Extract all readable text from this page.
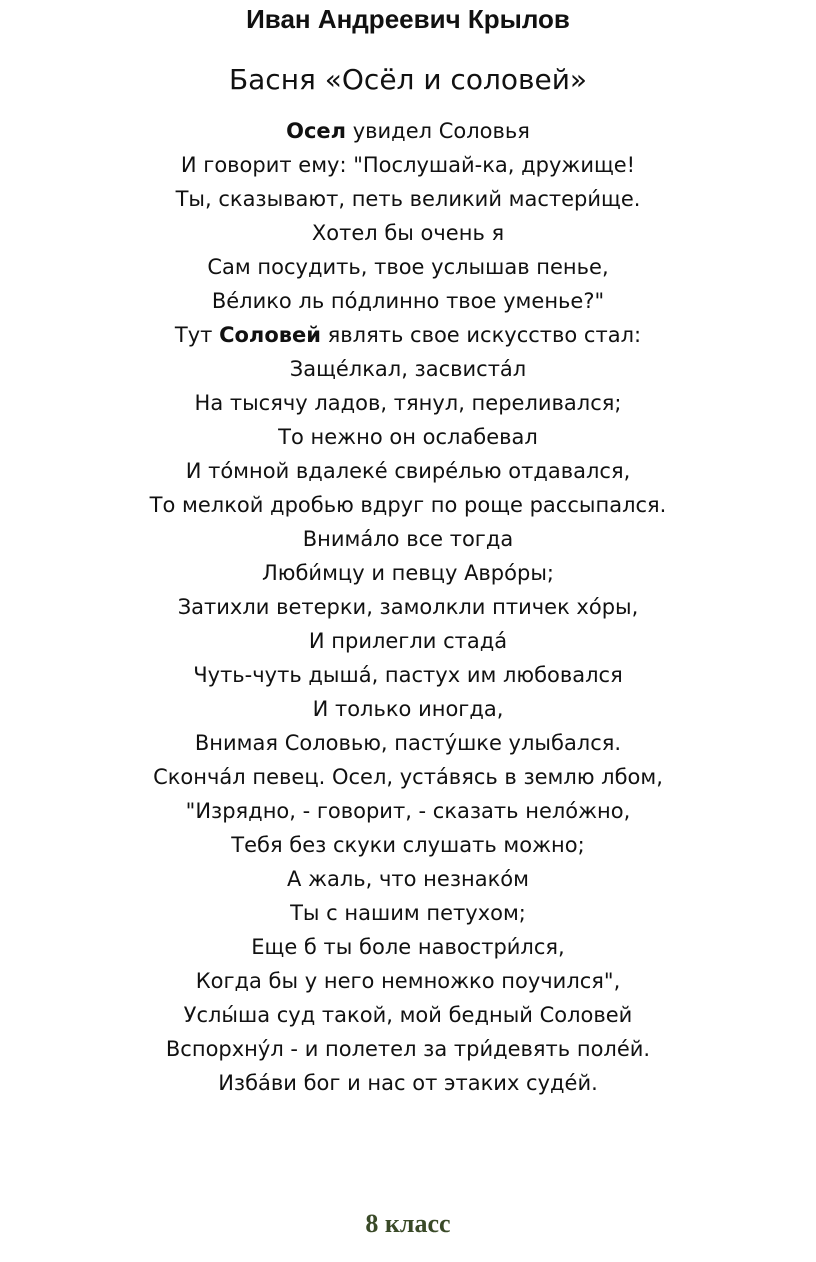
Иван Андреевич Крылов
Басня «Осёл и соловей»
Осел увидел Соловья
И говорит ему: "Послушай-ка, дружище!
Ты, сказывают, петь великий мастери́ще.
Хотел бы очень я
Сам посудить, твое услышав пенье,
Ве́лико ль по́длинно твое уменье?"
Тут Соловей являть свое искусство стал:
Заще́лкал, засвиста́л
На тысячу ладов, тянул, переливался;
То нежно он ослабевал
И то́мной вдалеке́ свире́лью отдавался,
То мелкой дробью вдруг по роще рассыпался.
Внима́ло все тогда
Люби́мцу и певцу Авро́ры;
Затихли ветерки, замолкли птичек хо́ры,
И прилегли стада́
Чуть-чуть дыша́, пастух им любовался
И только иногда,
Внимая Соловью, пасту́шке улыбался.
Сконча́л певец. Осел, уста́вясь в землю лбом,
"Изрядно, - говорит, - сказать нело́жно,
Тебя без скуки слушать можно;
А жаль, что незнако́м
Ты с нашим петухом;
Еще б ты боле навостри́лся,
Когда бы у него немножко поучился",
Услы́ша суд такой, мой бедный Соловей
Вспорхну́л - и полетел за три́девять поле́й.
Изба́ви бог и нас от этаких суде́й.
8 класс
